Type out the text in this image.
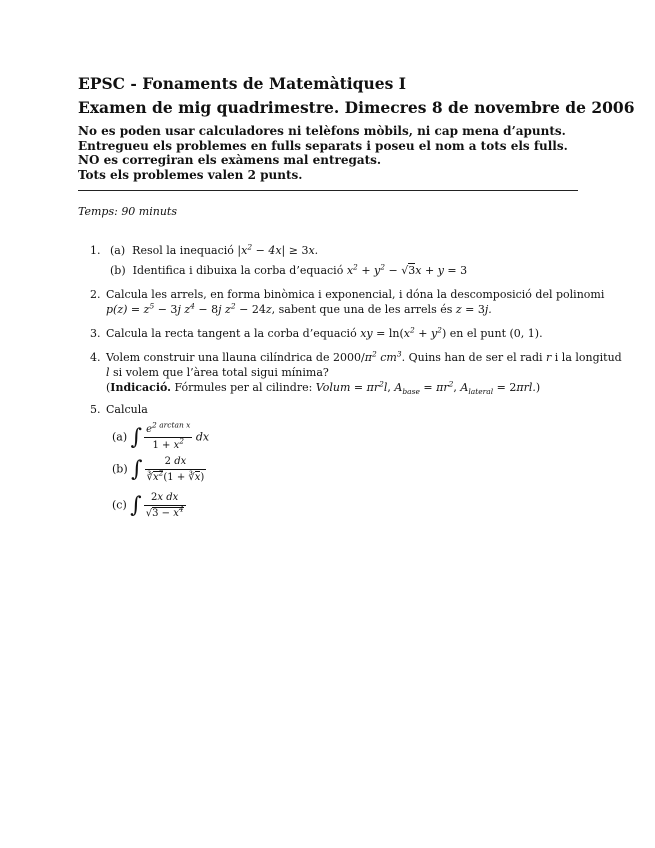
EPSC - Fonaments de Matemàtiques I
Examen de mig quadrimestre. Dimecres 8 de novembre de 2006
No es poden usar calculadores ni telèfons mòbils, ni cap mena d’apunts.
Entregueu els problemes en fulls separats i poseu el nom a tots els fulls.
NO es corregiran els exàmens mal entregats.
Tots els problemes valen 2 punts.
Temps: 90 minuts
1. (a) Resol la inequació $|x^2 - 4x| \ge 3x$.
(b) Identifica i dibuixa la corba d’equació $x^2 + y^2 - √3x + y = 3$
2. Calcula les arrels, en forma binòmica i exponencial, i dóna la descomposició del polinomi
$p(z) = z^5 - 3j$ $z^4 - 8j$ $z^2 - 24z$, sabent que una de les arrels és z = 3j.
3. Calcula la recta tangent a la corba d’equació xy = $\ln(x^2 + y^2)$ en el punt (0, 1).
4. Volem construir una llauna cilíndrica de $2000/\pi^2$ $cm^3$. Quins han de ser el radi r i la longitud
l si volem que l’àrea total sigui mínima?
(Indicació. Fórmules per al cilindre: Volum = $\pi r^2l$, $A_{base} = \pi r^2$, $A_{lateral} = 2\pi rl$.)
5. Calcula
(a) ∫ $\frac{e^{2 arctan x}}{1 + x^2}$ dx
(b) ∫ $\frac{2 dx}{∛x^2(1 + ∛x)}$
(c) ∫ $\frac{\text{2x dx}}{√3 - x^4}$
